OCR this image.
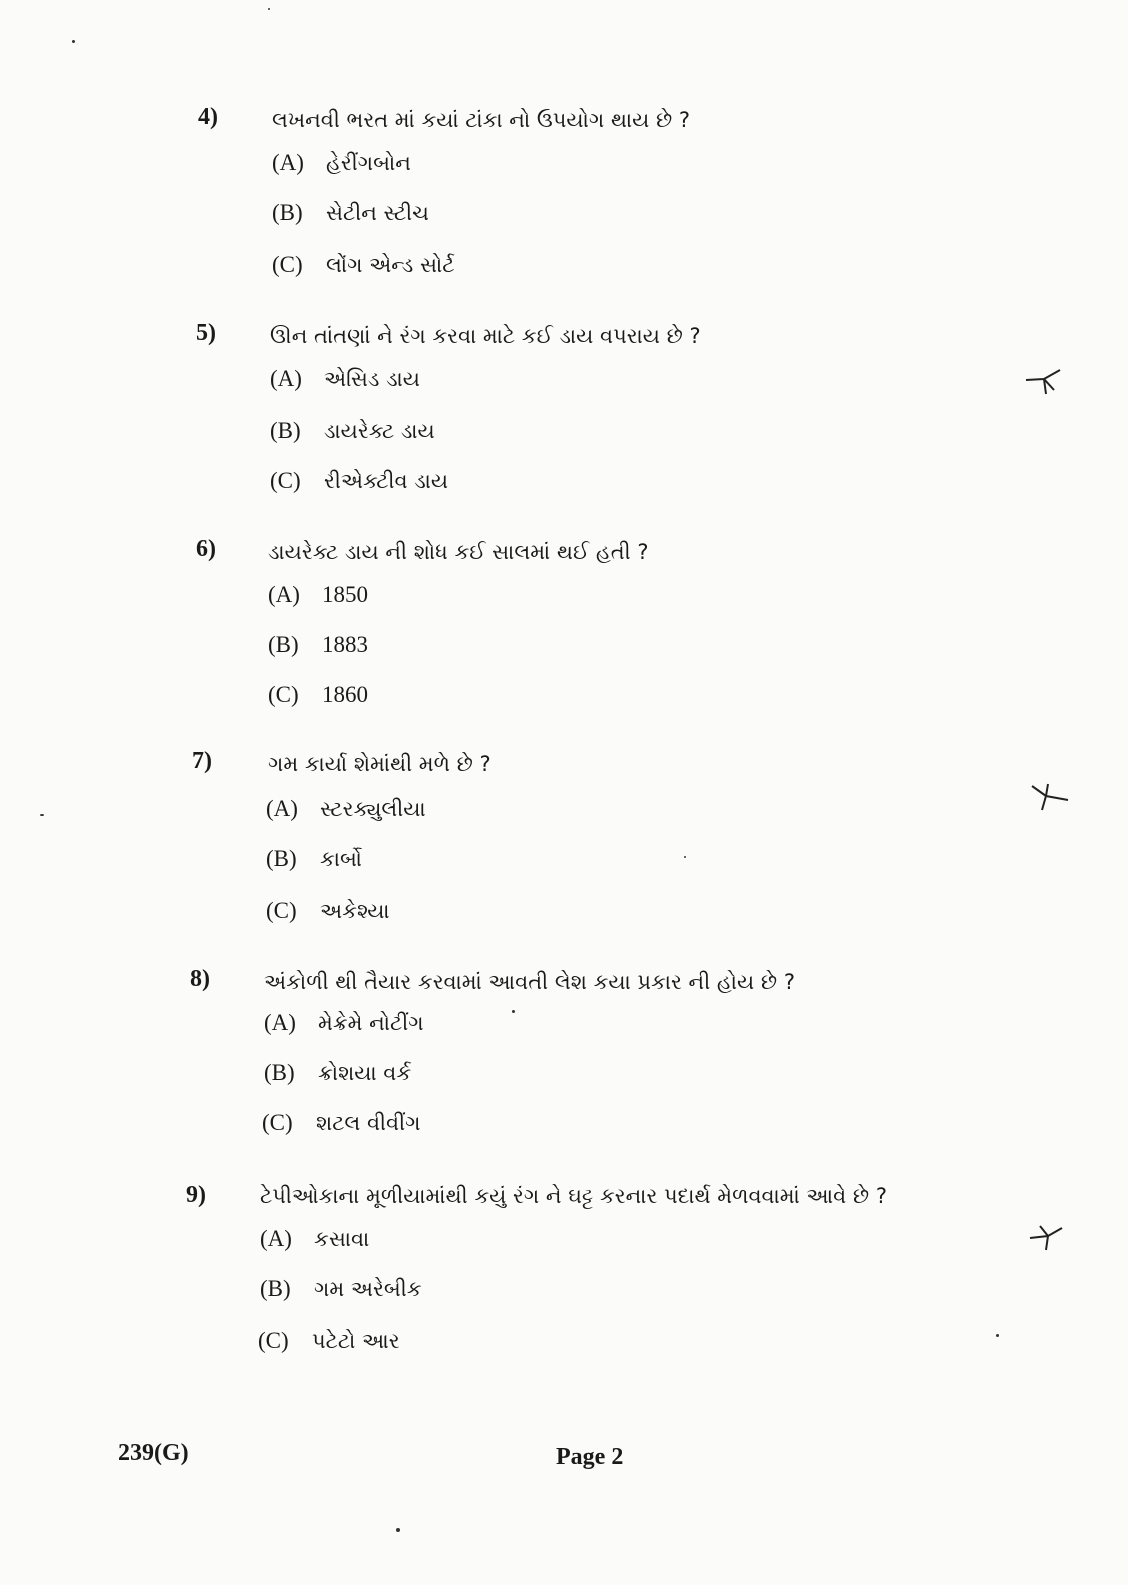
4)	લખનવી ભરત માં કયાં ટાંકા નો ઉપયોગ થાય છે ?
(A) હેરીંગબોન
(B) સેટીન સ્ટીચ
(C) લોંગ એન્ડ સોર્ટ
5)	ઊન તાંતણાં ને રંગ કરવા માટે કઈ ડાય વપરાય છે ?
(A) એસિડ ડાય
(B) ડાયરેક્ટ ડાય
(C) રીએક્ટીવ ડાય
6) ડાયરેક્ટ ડાય ની શોધ કઈ સાલમાં થઈ હતી ?
(A) 1850
(B) 1883
(C) 1860
7)	ગમ કાર્યા શેમાંથી મળે છે ?
(A) સ્ટરક્યુલીયા
(B) કાર્બો
(C) અકેશ્યા
8)	અંકોળી થી તૈયાર કરવામાં આવતી લેશ કયા પ્રકાર ની હોય છે ?
(A) મેક્રેમે નોટીંગ
(B) ક્રોશયા વર્ક
(C) શટલ વીવીંગ
9)	ટેપીઓકાના મૂળીયામાંથી કયું રંગ ને ઘટ્ટ કરનાર પદાર્થ મેળવવામાં આવે છે ?
(A) કસાવા
(B) ગમ અરેબીક
(C) પટેટો આર
239(G)	Page 2
